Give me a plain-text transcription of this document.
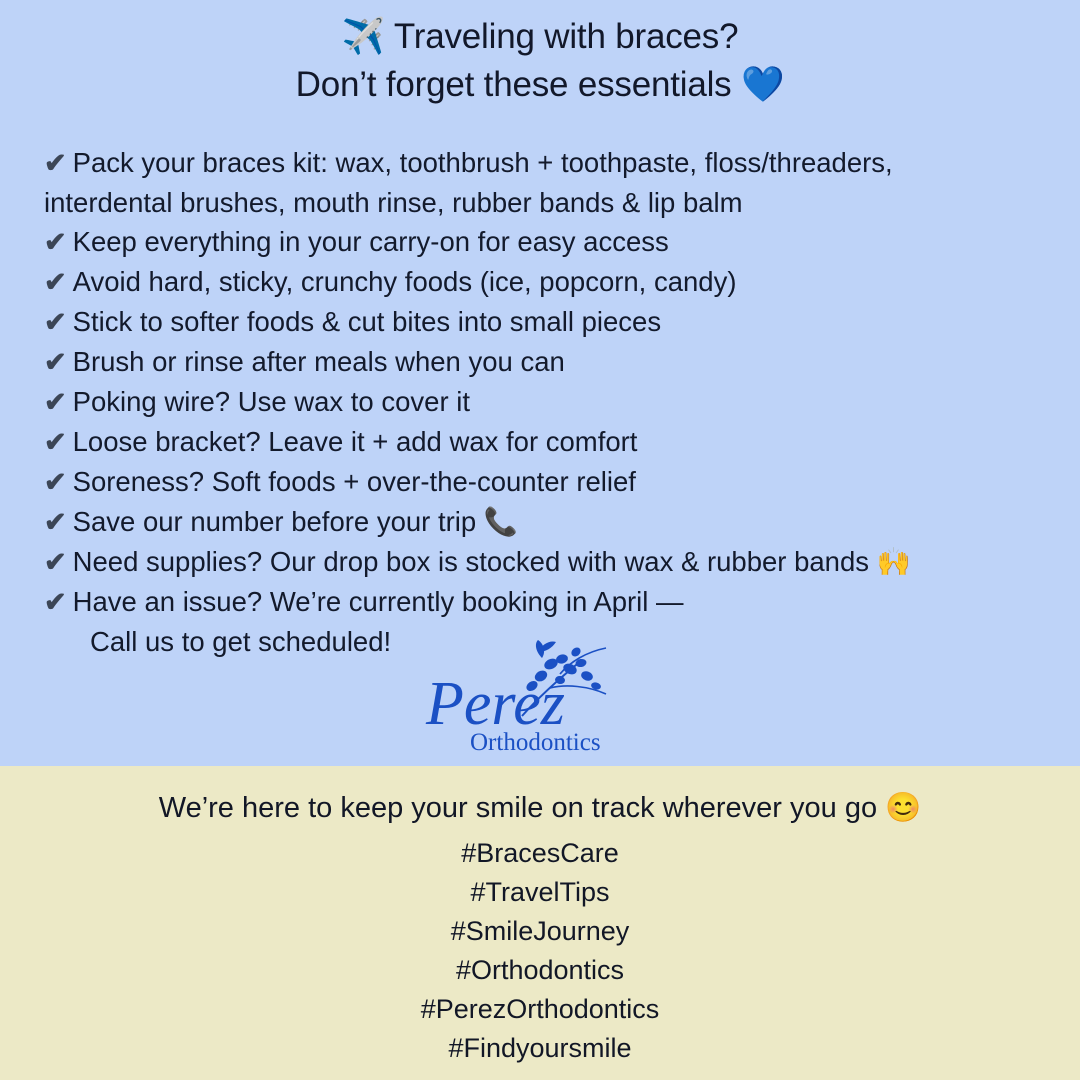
✈️ Traveling with braces?
Don’t forget these essentials 💙
✔ Pack your braces kit: wax, toothbrush + toothpaste, floss/threaders,
interdental brushes, mouth rinse, rubber bands & lip balm
✔ Keep everything in your carry-on for easy access
✔ Avoid hard, sticky, crunchy foods (ice, popcorn, candy)
✔ Stick to softer foods & cut bites into small pieces
✔ Brush or rinse after meals when you can
✔ Poking wire? Use wax to cover it
✔ Loose bracket? Leave it + add wax for comfort
✔ Soreness? Soft foods + over-the-counter relief
✔ Save our number before your trip 📞
✔ Need supplies? Our drop box is stocked with wax & rubber bands 🙌
✔ Have an issue? We’re currently booking in April —
Call us to get scheduled!
Perez
Orthodontics
We’re here to keep your smile on track wherever you go 😊
#BracesCare
#TravelTips
#SmileJourney
#Orthodontics
#PerezOrthodontics
#Findyoursmile
